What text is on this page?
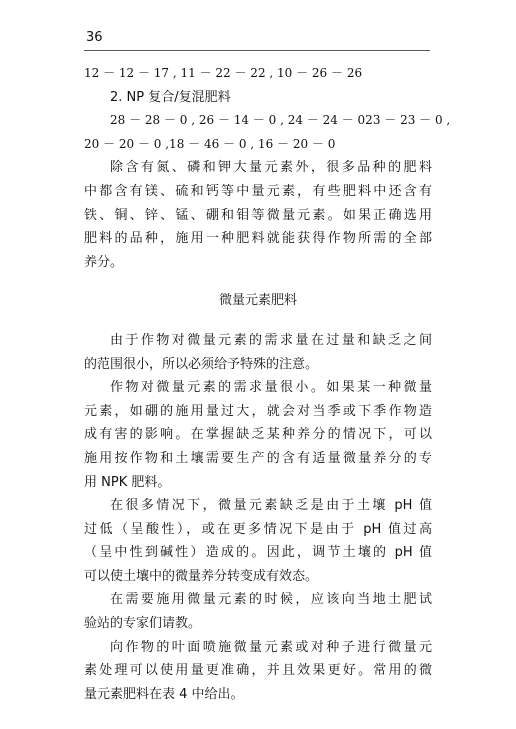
36

12 － 12 － 17 , 11 － 22 － 22 , 10 － 26 － 26

2. NP 复合/复混肥料

28 － 28 － 0 , 26 － 14 － 0 , 24 － 24 － 023 － 23 － 0 ,

20 － 20 － 0 ,18 － 46 － 0 , 16 － 20 － 0

除含有氮、磷和钾大量元素外，很多品种的肥料

中都含有镁、硫和钙等中量元素，有些肥料中还含有

铁、铜、锌、锰、硼和钼等微量元素。如果正确选用

肥料的品种，施用一种肥料就能获得作物所需的全部

养分。

微量元素肥料

由于作物对微量元素的需求量在过量和缺乏之间

的范围很小，所以必须给予特殊的注意。

作物对微量元素的需求量很小。如果某一种微量

元素，如硼的施用量过大，就会对当季或下季作物造

成有害的影响。在掌握缺乏某种养分的情况下，可以

施用按作物和土壤需要生产的含有适量微量养分的专

用 NPK 肥料。

在很多情况下，微量元素缺乏是由于土壤 pH 值

过低（呈酸性），或在更多情况下是由于 pH 值过高

（呈中性到碱性）造成的。因此，调节土壤的 pH 值

可以使土壤中的微量养分转变成有效态。

在需要施用微量元素的时候，应该向当地土肥试

验站的专家们请教。

向作物的叶面喷施微量元素或对种子进行微量元

素处理可以使用量更准确，并且效果更好。常用的微

量元素肥料在表 4 中给出。
